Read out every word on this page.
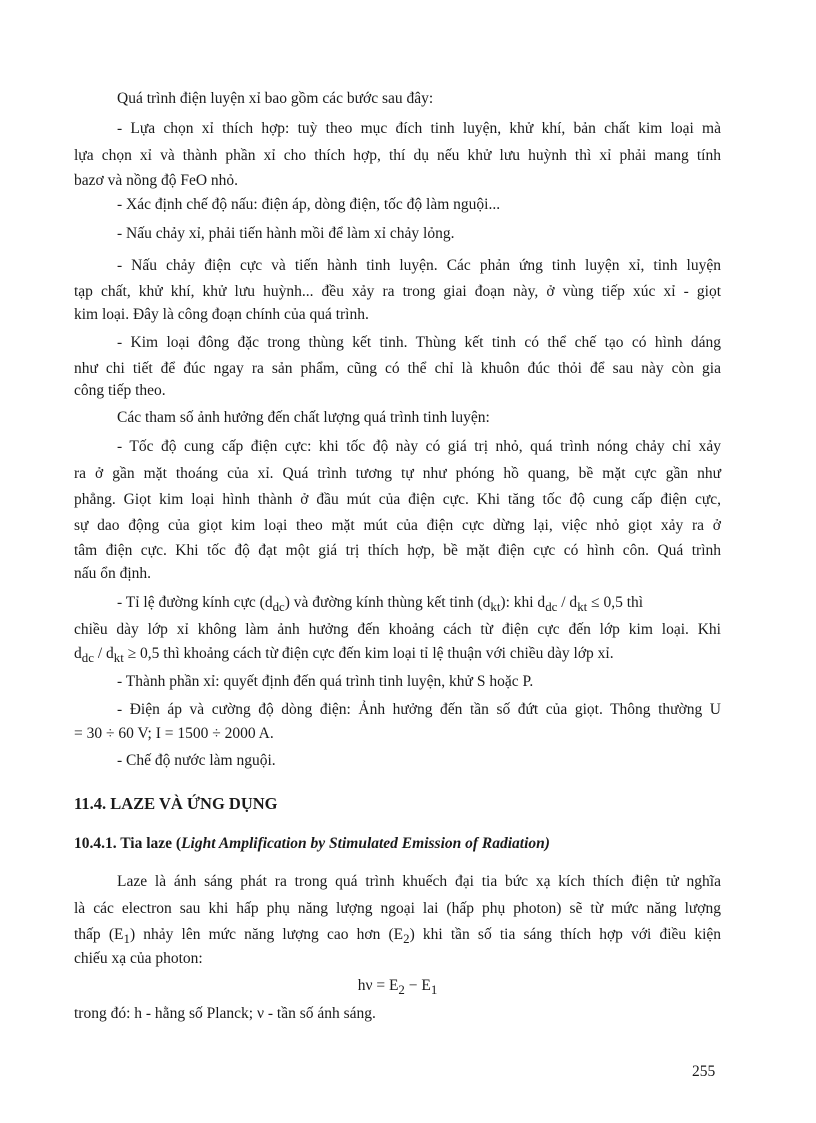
Quá trình điện luyện xỉ bao gồm các bước sau đây:
- Lựa chọn xỉ thích hợp: tuỳ theo mục đích tinh luyện, khử khí, bản chất kim loại mà
lựa chọn xỉ và thành phần xỉ cho thích hợp, thí dụ nếu khử lưu huỳnh thì xỉ phải mang tính
bazơ và nồng độ FeO nhỏ.
- Xác định chế độ nấu: điện áp, dòng điện, tốc độ làm nguội...
- Nấu chảy xỉ, phải tiến hành mồi để làm xỉ chảy lỏng.
- Nấu chảy điện cực và tiến hành tinh luyện. Các phản ứng tinh luyện xỉ, tinh luyện
tạp chất, khử khí, khử lưu huỳnh... đều xảy ra trong giai đoạn này, ở vùng tiếp xúc xỉ - giọt
kim loại. Đây là công đoạn chính của quá trình.
- Kim loại đông đặc trong thùng kết tinh. Thùng kết tinh có thể chế tạo có hình dáng
như chi tiết để đúc ngay ra sản phẩm, cũng có thể chỉ là khuôn đúc thỏi để sau này còn gia
công tiếp theo.
Các tham số ảnh hưởng đến chất lượng quá trình tinh luyện:
- Tốc độ cung cấp điện cực: khi tốc độ này có giá trị nhỏ, quá trình nóng chảy chỉ xảy
ra ở gần mặt thoáng của xỉ. Quá trình tương tự như phóng hồ quang, bề mặt cực gần như
phẳng. Giọt kim loại hình thành ở đầu mút của điện cực. Khi tăng tốc độ cung cấp điện cực,
sự dao động của giọt kim loại theo mặt mút của điện cực dừng lại, việc nhỏ giọt xảy ra ở
tâm điện cực. Khi tốc độ đạt một giá trị thích hợp, bề mặt điện cực có hình côn. Quá trình
nấu ổn định.
- Tỉ lệ đường kính cực $(d_{dc})$ và đường kính thùng kết tinh $(d_{kt})$: khi $d_{dc} / d_{kt} \le 0,5$ thì
chiều dày lớp xỉ không làm ảnh hưởng đến khoảng cách từ điện cực đến lớp kim loại. Khi
$d_{dc} / d_{kt} \ge 0,5$ thì khoảng cách từ điện cực đến kim loại tỉ lệ thuận với chiều dày lớp xỉ.
- Thành phần xỉ: quyết định đến quá trình tinh luyện, khử S hoặc P.
- Điện áp và cường độ dòng điện: Ảnh hưởng đến tần số đứt của giọt. Thông thường U
= 30 ÷ 60 V; I = 1500 ÷ 2000 A.
- Chế độ nước làm nguội.
11.4. LAZE VÀ ỨNG DỤNG
10.4.1. Tia laze (Light Amplification by Stimulated Emission of Radiation)
Laze là ánh sáng phát ra trong quá trình khuếch đại tia bức xạ kích thích điện tử nghĩa
là các electron sau khi hấp phụ năng lượng ngoại lai (hấp phụ photon) sẽ từ mức năng lượng
thấp $(E_1)$ nhảy lên mức năng lượng cao hơn $(E_2)$ khi tần số tia sáng thích hợp với điều kiện
chiếu xạ của photon:
$h\nu = E_2 - E_1$
trong đó: h - hằng số Planck; ν - tần số ánh sáng.
255
